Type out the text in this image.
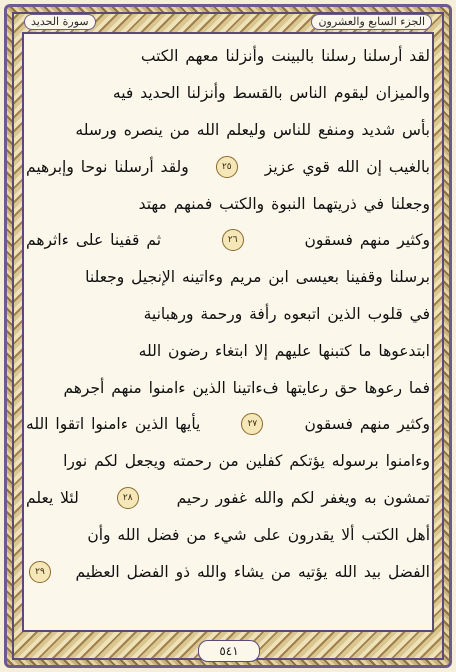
الجزء السابع والعشرون
سورة الحديد
لقد أرسلنا رسلنا بالبينت وأنزلنا معهم الكتب
والميزان ليقوم الناس بالقسط وأنزلنا الحديد فيه
بأس شديد ومنفع للناس وليعلم الله من ينصره ورسله
بالغيب إن الله قوي عزيز
٢٥
ولقد أرسلنا نوحا وإبرهيم
وجعلنا في ذريتهما النبوة والكتب فمنهم مهتد
وكثير منهم فسقون
٢٦
ثم قفينا على ءاثرهم
برسلنا وقفينا بعيسى ابن مريم وءاتينه الإنجيل وجعلنا
في قلوب الذين اتبعوه رأفة ورحمة ورهبانية
ابتدعوها ما كتبنها عليهم إلا ابتغاء رضون الله
فما رعوها حق رعايتها فءاتينا الذين ءامنوا منهم أجرهم
وكثير منهم فسقون
٢٧
يأيها الذين ءامنوا اتقوا الله
وءامنوا برسوله يؤتكم كفلين من رحمته ويجعل لكم نورا
تمشون به ويغفر لكم والله غفور رحيم
٢٨
لئلا يعلم
أهل الكتب ألا يقدرون على شيء من فضل الله وأن
الفضل بيد الله يؤتيه من يشاء والله ذو الفضل العظيم
٢٩
٥٤١
